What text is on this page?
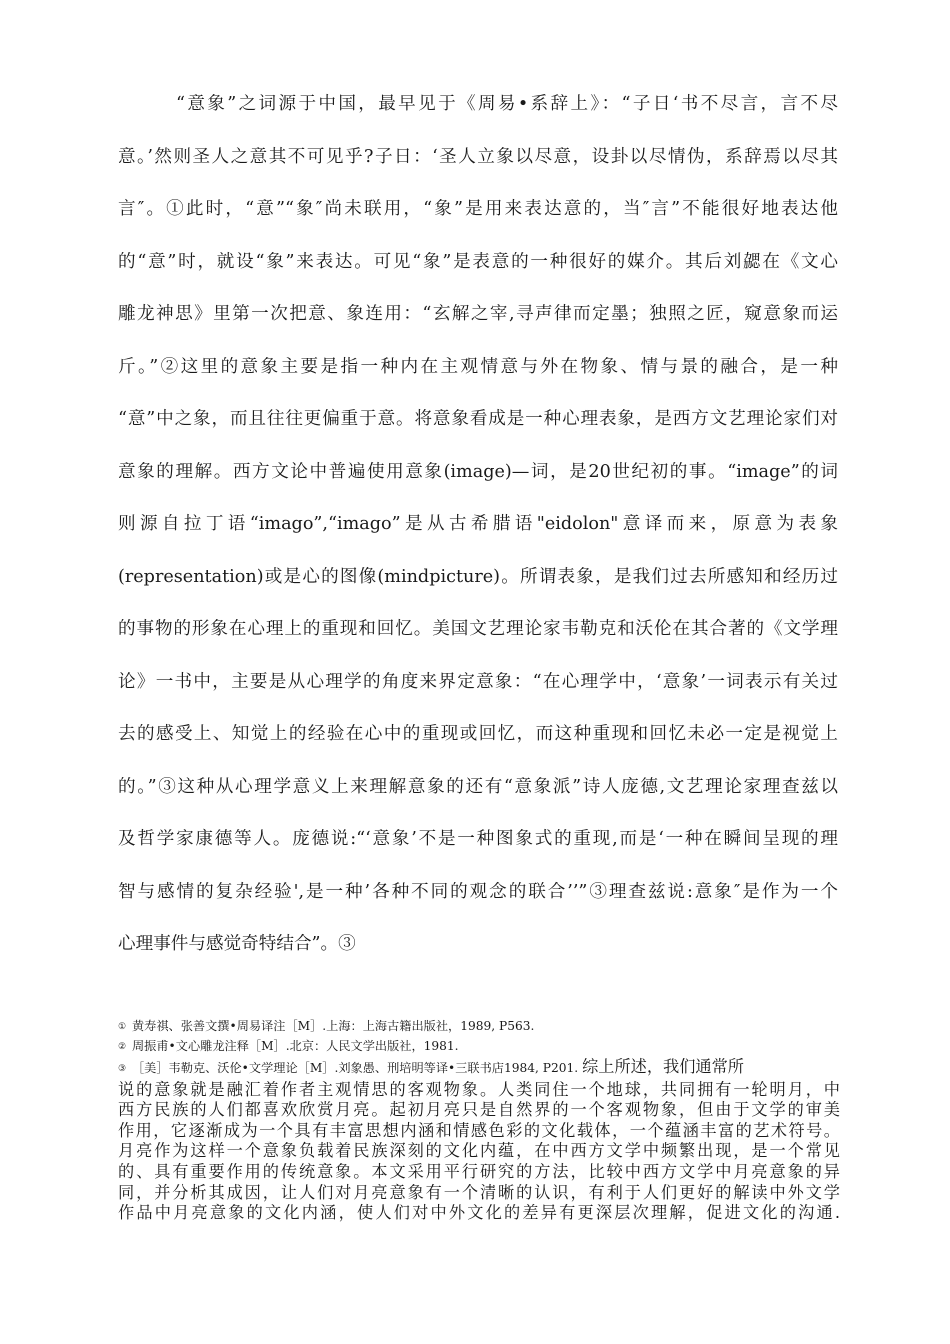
“意象”之词源于中国，最早见于《周易•系辞上》：“子日‘书不尽言，言不尽
意。’然则圣人之意其不可见乎?子日：‘圣人立象以尽意，设卦以尽情伪，系辞焉以尽其
言″。①此时，“意”“象″尚未联用，“象”是用来表达意的，当″言”不能很好地表达他
的“意”时，就设“象”来表达。可见“象”是表意的一种很好的媒介。其后刘勰在《文心
雕龙神思》里第一次把意、象连用：“玄解之宰,寻声律而定墨；独照之匠，窥意象而运
斤。”②这里的意象主要是指一种内在主观情意与外在物象、情与景的融合，是一种
“意”中之象，而且往往更偏重于意。将意象看成是一种心理表象，是西方文艺理论家们对
意象的理解。西方文论中普遍使用意象(image)—词，是20世纪初的事。“image”的词
则源自拉丁语“imago”,“imago”是从古希腊语"eidolon"意译而来，原意为表象
(representation)或是心的图像(mindpicture)。所谓表象，是我们过去所感知和经历过
的事物的形象在心理上的重现和回忆。美国文艺理论家韦勒克和沃伦在其合著的《文学理
论》一书中，主要是从心理学的角度来界定意象：“在心理学中，‘意象’一词表示有关过
去的感受上、知觉上的经验在心中的重现或回忆，而这种重现和回忆未必一定是视觉上
的。”③这种从心理学意义上来理解意象的还有“意象派”诗人庞德,文艺理论家理查兹以
及哲学家康德等人。庞德说:“‘意象’不是一种图象式的重现,而是‘一种在瞬间呈现的理
智与感情的复杂经验',是一种’各种不同的观念的联合’’”③理查兹说:意象″是作为一个
心理事件与感觉奇特结合”。③
① 黄寿祺、张善文撰•周易译注［M］.上海：上海古籍出版社，1989, P563.
② 周振甫•文心雕龙注释［M］.北京：人民文学出版社，1981.
③ ［美］韦勒克、沃伦•文学理论［M］.刘象愚、刑培明等译•三联书店1984, P201. 综上所述，我们通常所
说的意象就是融汇着作者主观情思的客观物象。人类同住一个地球，共同拥有一轮明月，中
西方民族的人们都喜欢欣赏月亮。起初月亮只是自然界的一个客观物象，但由于文学的审美
作用，它逐渐成为一个具有丰富思想内涵和情感色彩的文化载体，一个蕴涵丰富的艺术符号。
月亮作为这样一个意象负载着民族深刻的文化内蕴，在中西方文学中频繁出现，是一个常见
的、具有重要作用的传统意象。本文采用平行研究的方法，比较中西方文学中月亮意象的异
同，并分析其成因，让人们对月亮意象有一个清晰的认识，有利于人们更好的解读中外文学
作品中月亮意象的文化内涵，使人们对中外文化的差异有更深层次理解，促进文化的沟通.
